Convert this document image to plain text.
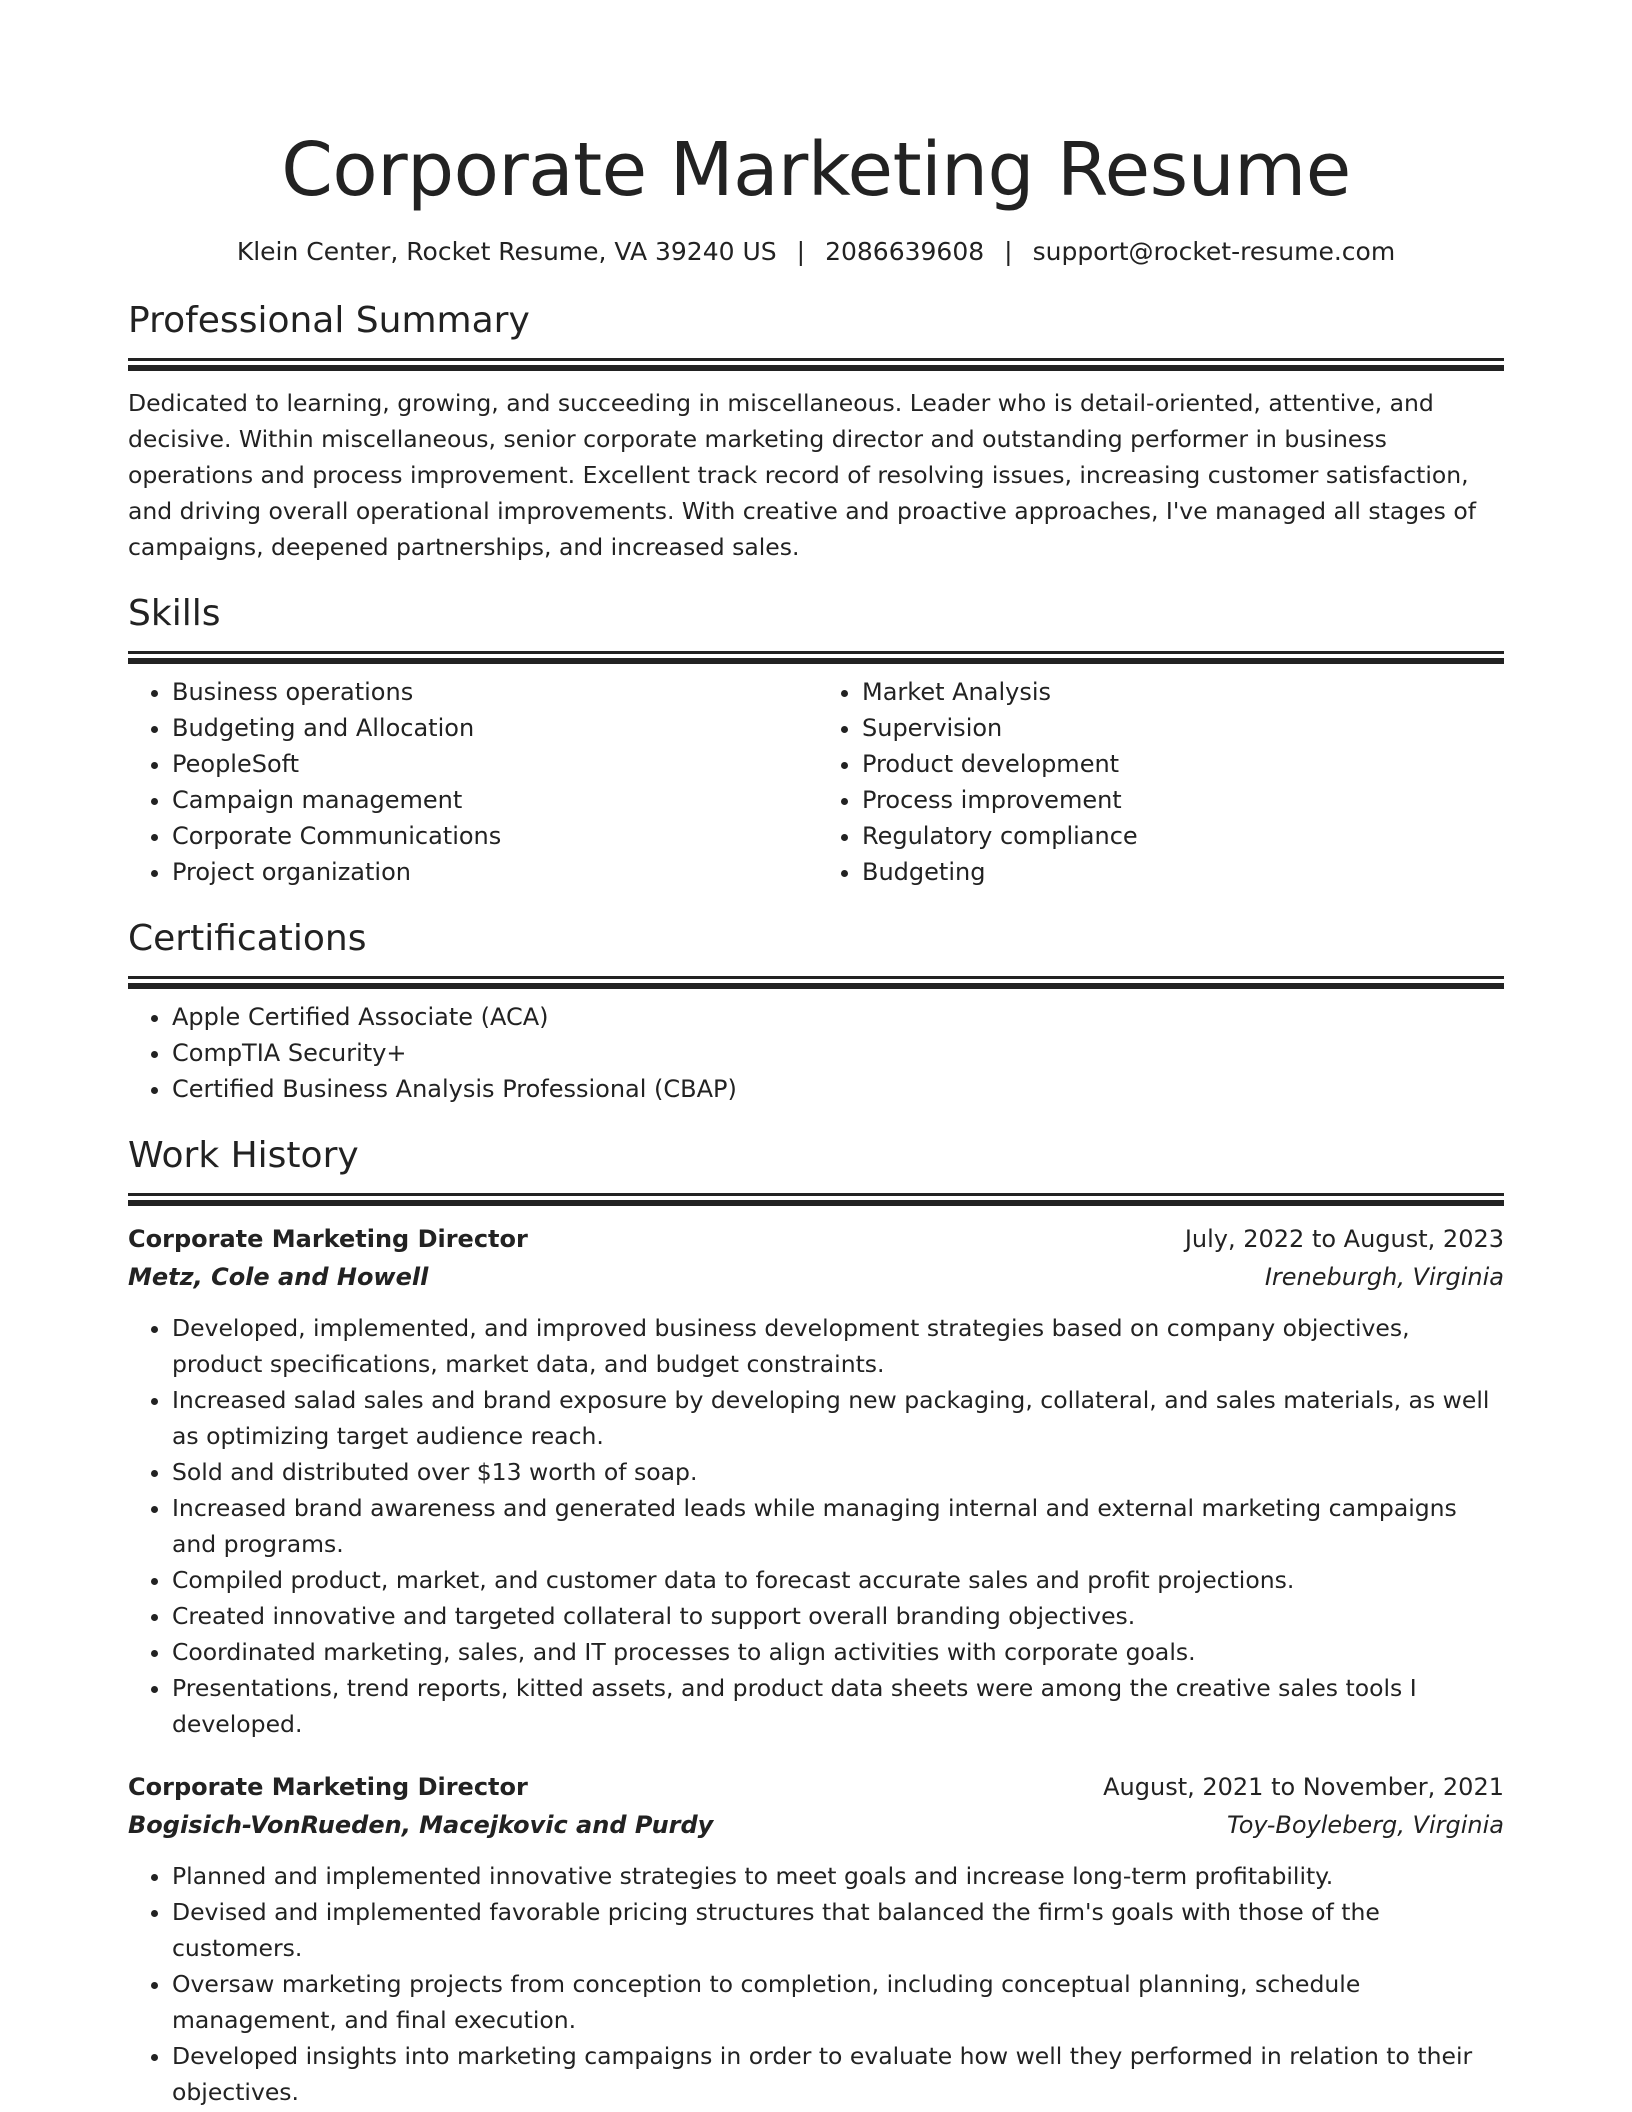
Corporate Marketing Resume
Klein Center, Rocket Resume, VA 39240 US | 2086639608 | support@rocket-resume.com
Professional Summary

Dedicated to learning, growing, and succeeding in miscellaneous. Leader who is detail-oriented, attentive, and decisive. Within miscellaneous, senior corporate marketing director and outstanding performer in business operations and process improvement. Excellent track record of resolving issues, increasing customer satisfaction, and driving overall operational improvements. With creative and proactive approaches, I've managed all stages of campaigns, deepened partnerships, and increased sales.

Skills
• Business operations
• Budgeting and Allocation
• PeopleSoft
• Campaign management
• Corporate Communications
• Project organization
• Market Analysis
• Supervision
• Product development
• Process improvement
• Regulatory compliance
• Budgeting
Certifications
• Apple Certified Associate (ACA)
• CompTIA Security+
• Certified Business Analysis Professional (CBAP)
Work History
Corporate Marketing Director	July, 2022 to August, 2023
Metz, Cole and Howell	Ireneburgh, Virginia
• Developed, implemented, and improved business development strategies based on company objectives, product specifications, market data, and budget constraints.
• Increased salad sales and brand exposure by developing new packaging, collateral, and sales materials, as well as optimizing target audience reach.
• Sold and distributed over $13 worth of soap.
• Increased brand awareness and generated leads while managing internal and external marketing campaigns and programs.
• Compiled product, market, and customer data to forecast accurate sales and profit projections.
• Created innovative and targeted collateral to support overall branding objectives.
• Coordinated marketing, sales, and IT processes to align activities with corporate goals.
• Presentations, trend reports, kitted assets, and product data sheets were among the creative sales tools I developed.
Corporate Marketing Director	August, 2021 to November, 2021
Bogisich-VonRueden, Macejkovic and Purdy	Toy-Boyleberg, Virginia
• Planned and implemented innovative strategies to meet goals and increase long-term profitability.
• Devised and implemented favorable pricing structures that balanced the firm's goals with those of the customers.
• Oversaw marketing projects from conception to completion, including conceptual planning, schedule management, and final execution.
• Developed insights into marketing campaigns in order to evaluate how well they performed in relation to their objectives.
